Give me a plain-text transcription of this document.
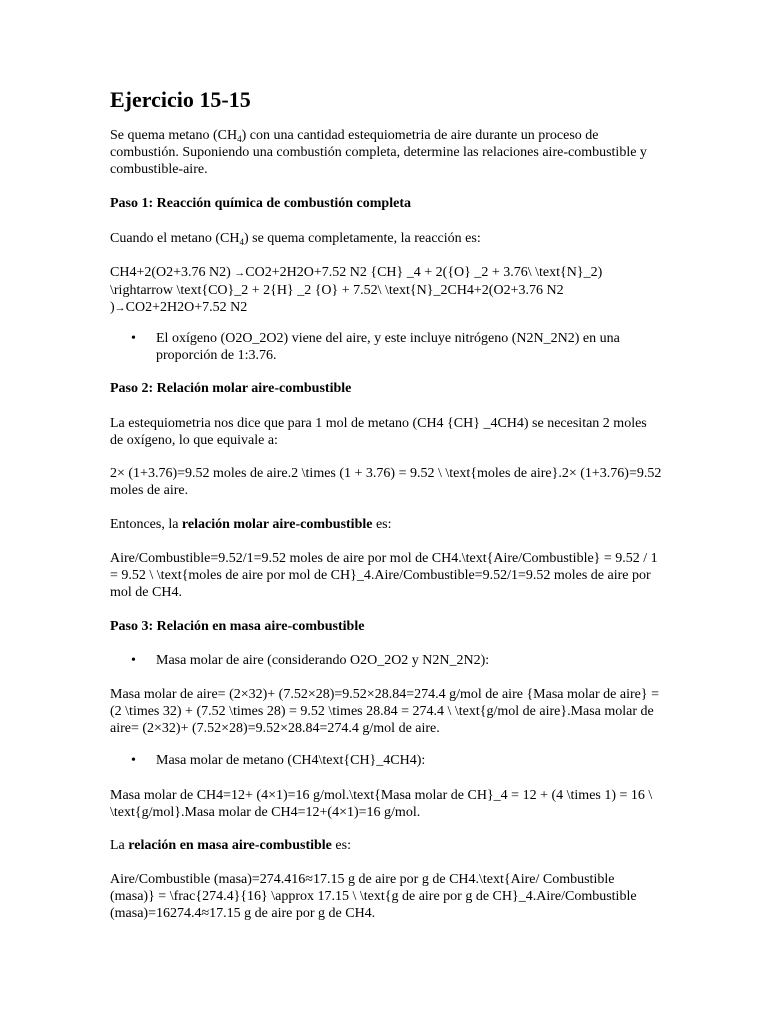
Ejercicio 15-15

Se quema metano $(CH_4)$ con una cantidad estequiometria de aire durante un proceso de combustión. Suponiendo una combustión completa, determine las relaciones aire-combustible y combustible-aire.

Paso 1: Reacción química de combustión completa

Cuando el metano $(CH_4)$ se quema completamente, la reacción es:

CH4+2(O2+3.76 N2) →CO2+2H2O+7.52 N2 {CH} _4 + 2({O} _2 + 3.76\ \text{N}_2) \rightarrow \text{CO}_2 + 2{H} _2 {O} + 7.52\ \text{N}_2CH4+2(O2+3.76 N2 )→CO2+2H2O+7.52 N2

• El oxígeno (O2O_2O2) viene del aire, y este incluye nitrógeno (N2N_2N2) en una proporción de 1:3.76.

Paso 2: Relación molar aire-combustible

La estequiometria nos dice que para 1 mol de metano (CH4 {CH} _4CH4) se necesitan 2 moles de oxígeno, lo que equivale a:

2× (1+3.76)=9.52 moles de aire.2 \times (1 + 3.76) = 9.52 \ \text{moles de aire}.2× (1+3.76)=9.52 moles de aire.

Entonces, la relación molar aire-combustible es:

Aire/Combustible=9.52/1=9.52 moles de aire por mol de CH4.\text{Aire/Combustible} = 9.52 / 1 = 9.52 \ \text{moles de aire por mol de CH}_4.Aire/Combustible=9.52/1=9.52 moles de aire por mol de CH4.

Paso 3: Relación en masa aire-combustible

• Masa molar de aire (considerando O2O_2O2 y N2N_2N2):

Masa molar de aire= (2×32)+ (7.52×28)=9.52×28.84=274.4 g/mol de aire {Masa molar de aire} = (2 \times 32) + (7.52 \times 28) = 9.52 \times 28.84 = 274.4 \ \text{g/mol de aire}.Masa molar de aire= (2×32)+ (7.52×28)=9.52×28.84=274.4 g/mol de aire.

• Masa molar de metano (CH4\text{CH}_4CH4):

Masa molar de CH4=12+ (4×1)=16 g/mol.\text{Masa molar de CH}_4 = 12 + (4 \times 1) = 16 \ \text{g/mol}.Masa molar de CH4=12+(4×1)=16 g/mol.

La relación en masa aire-combustible es:

Aire/Combustible (masa)=274.416≈17.15 g de aire por g de CH4.\text{Aire/ Combustible (masa)} = \frac{274.4}{16} \approx 17.15 \ \text{g de aire por g de CH}_4.Aire/Combustible (masa)=16274.4≈17.15 g de aire por g de CH4.
